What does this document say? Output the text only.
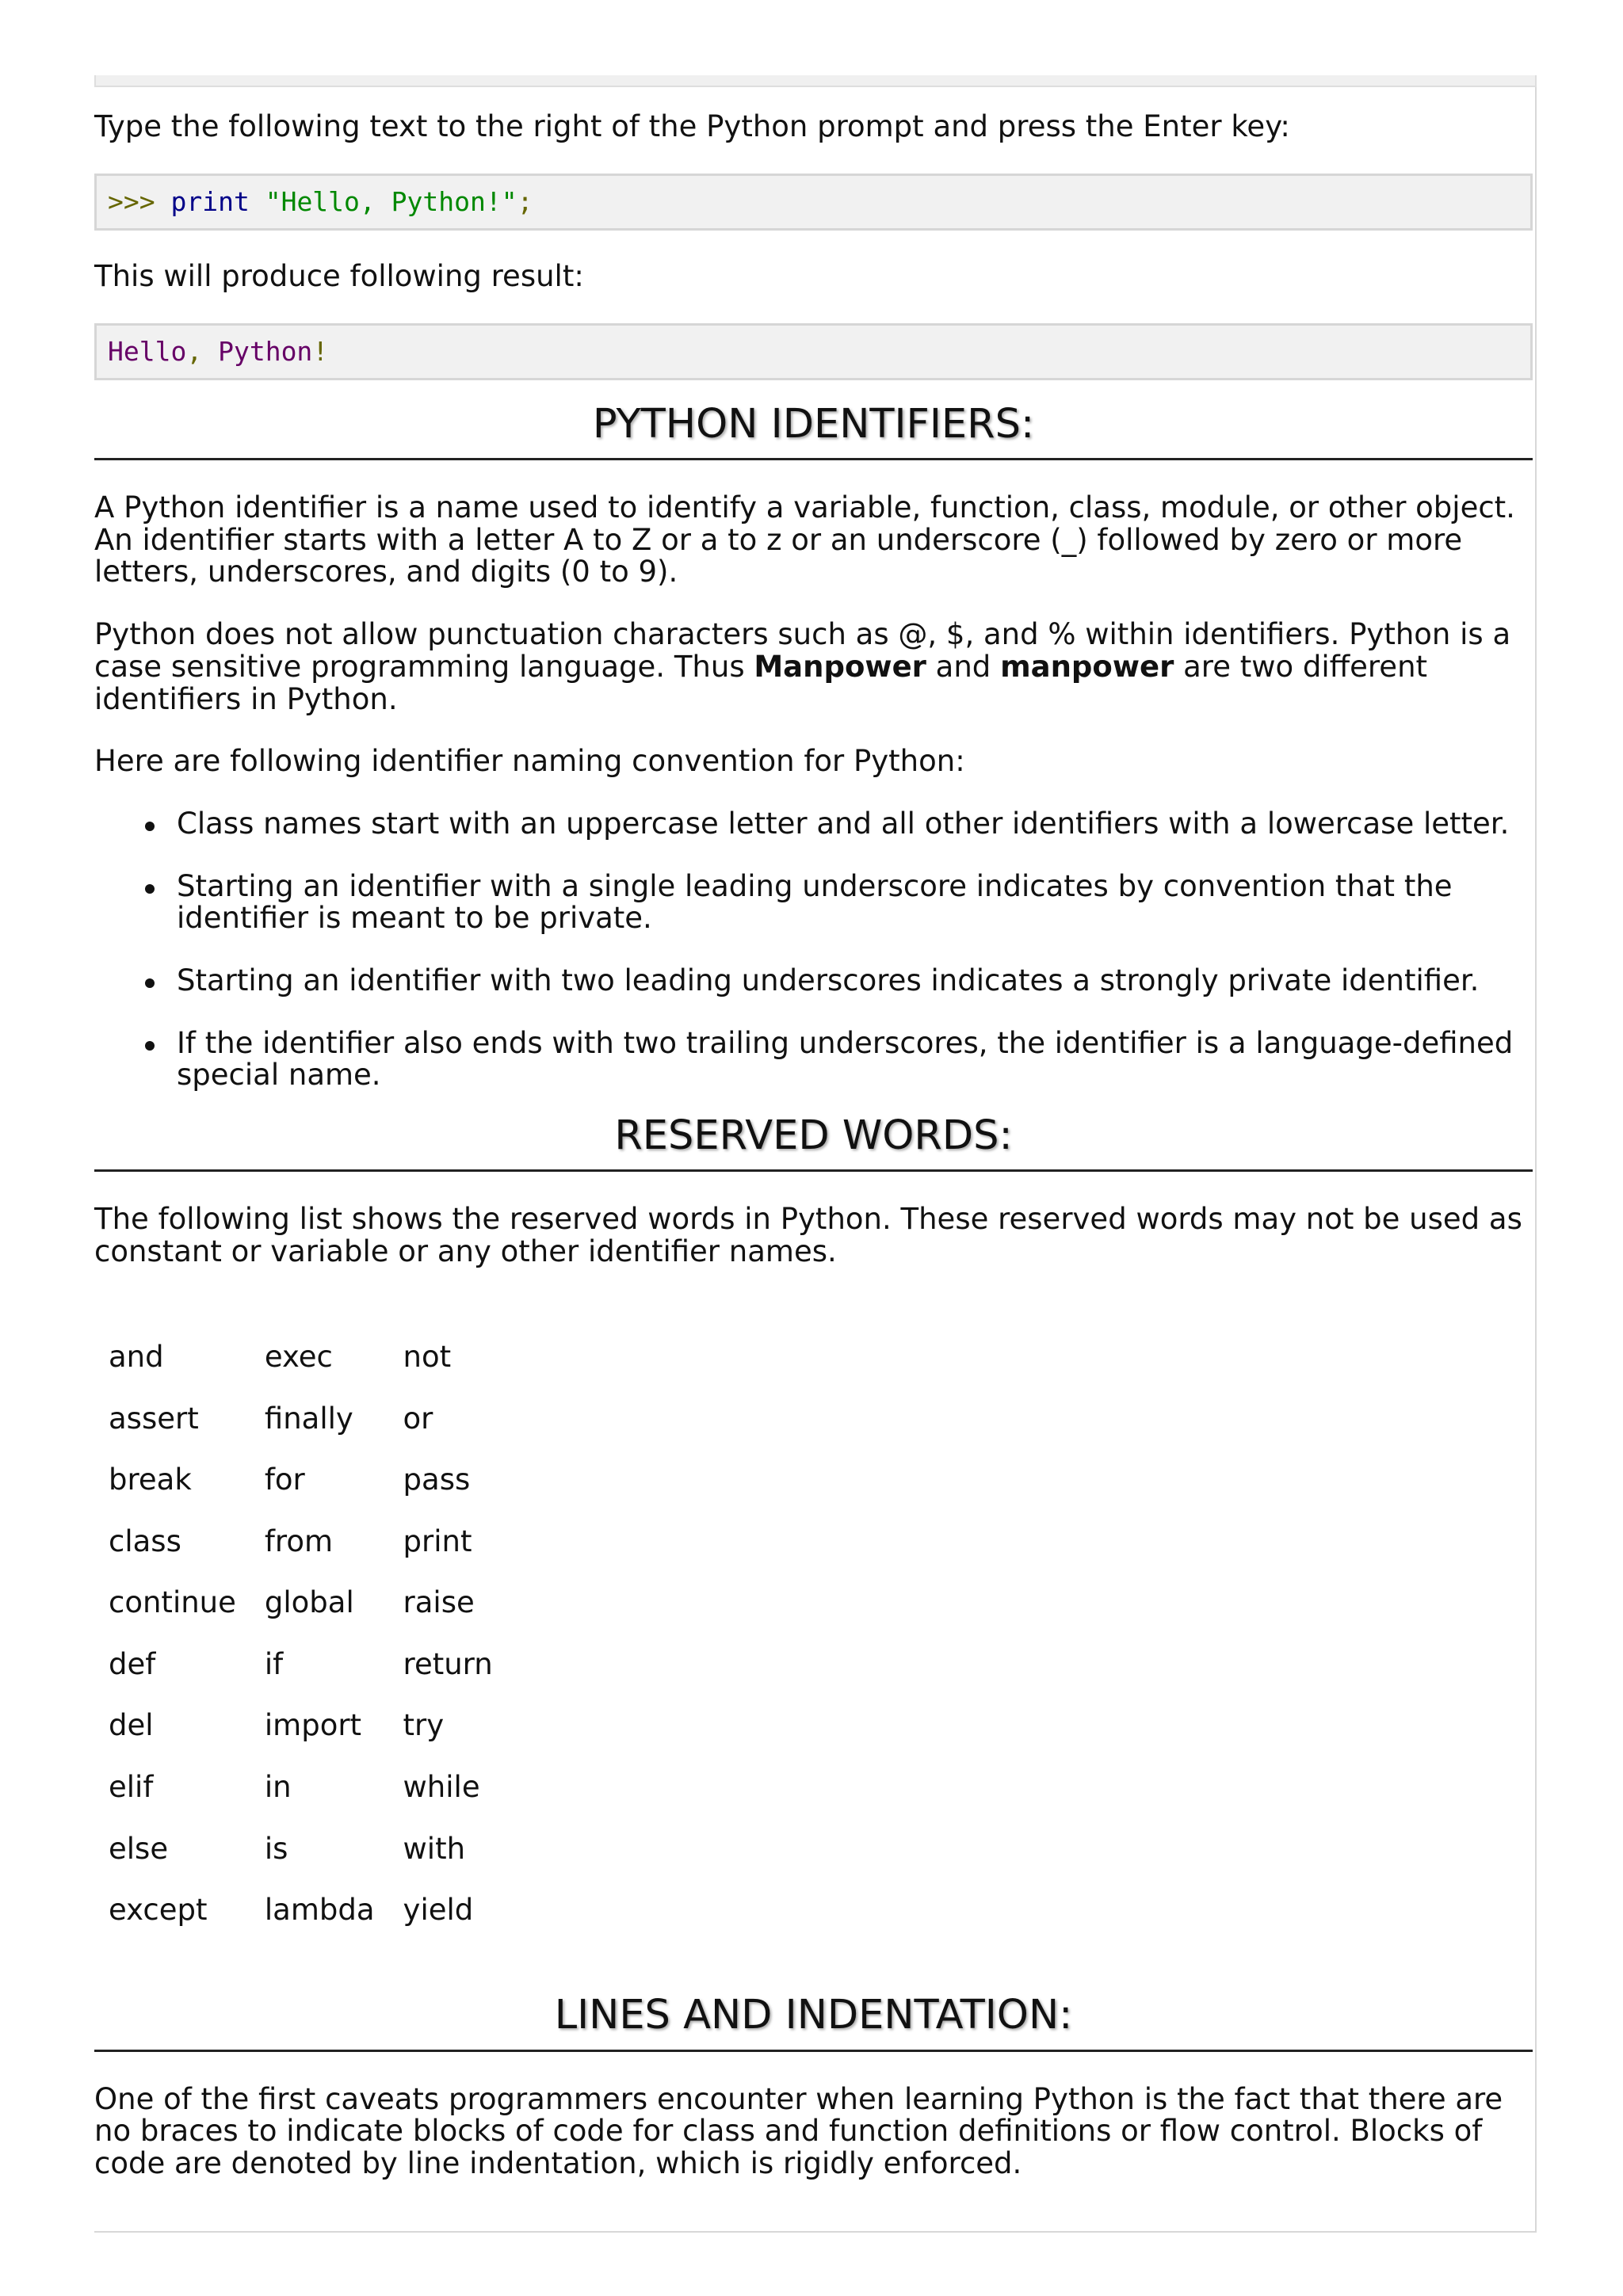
Type the following text to the right of the Python prompt and press the Enter key:

>>> print "Hello, Python!";

This will produce following result:

Hello, Python!
PYTHON IDENTIFIERS:

A Python identifier is a name used to identify a variable, function, class, module, or other object. An identifier starts with a letter A to Z or a to z or an underscore (_) followed by zero or more letters, underscores, and digits (0 to 9).

Python does not allow punctuation characters such as @, $, and % within identifiers. Python is a case sensitive programming language. Thus Manpower and manpower are two different identifiers in Python.

Here are following identifier naming convention for Python:

Class names start with an uppercase letter and all other identifiers with a lowercase letter.
Starting an identifier with a single leading underscore indicates by convention that the identifier is meant to be private.
Starting an identifier with two leading underscores indicates a strongly private identifier.
If the identifier also ends with two trailing underscores, the identifier is a language-defined special name.
RESERVED WORDS:

The following list shows the reserved words in Python. These reserved words may not be used as constant or variable or any other identifier names.

and	exec	not
assert	finally	or
break	for	pass
class	from	print
continue	global	raise
def	if	return
del	import	try
elif	in	while
else	is	with
except	lambda	yield
LINES AND INDENTATION:

One of the first caveats programmers encounter when learning Python is the fact that there are no braces to indicate blocks of code for class and function definitions or flow control. Blocks of code are denoted by line indentation, which is rigidly enforced.
